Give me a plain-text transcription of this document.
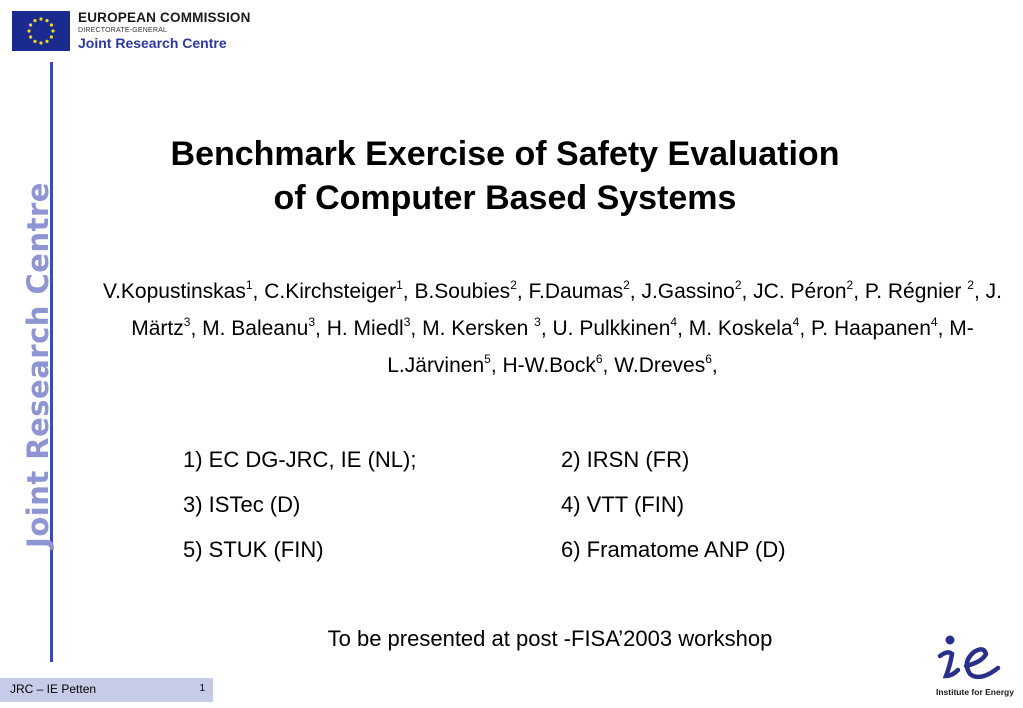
EUROPEAN COMMISSION
DIRECTORATE-GENERAL
Joint Research Centre
Joint Research Centre
Benchmark Exercise of Safety Evaluation
of Computer Based Systems
V.Kopustinskas$^1$, C.Kirchsteiger$^1$, B.Soubies$^2$, F.Daumas$^2$, J.Gassino$^2$, JC. Péron$^2$, P. Régnier $^2$, J. Märtz$^3$, M. Baleanu$^3$, H. Miedl$^3$, M. Kersken $^3$, U. Pulkkinen$^4$, M. Koskela$^4$, P. Haapanen$^4$, M-L.Järvinen$^5$, H-W.Bock$^6$, W.Dreves$^6$,
1) EC DG-JRC, IE (NL);	2) IRSN (FR)
3) ISTec (D)	4) VTT (FIN)
5) STUK (FIN)	6) Framatome ANP (D)
To be presented at post -FISA’2003 workshop
JRC – IE Petten	1	Institute for Energy
